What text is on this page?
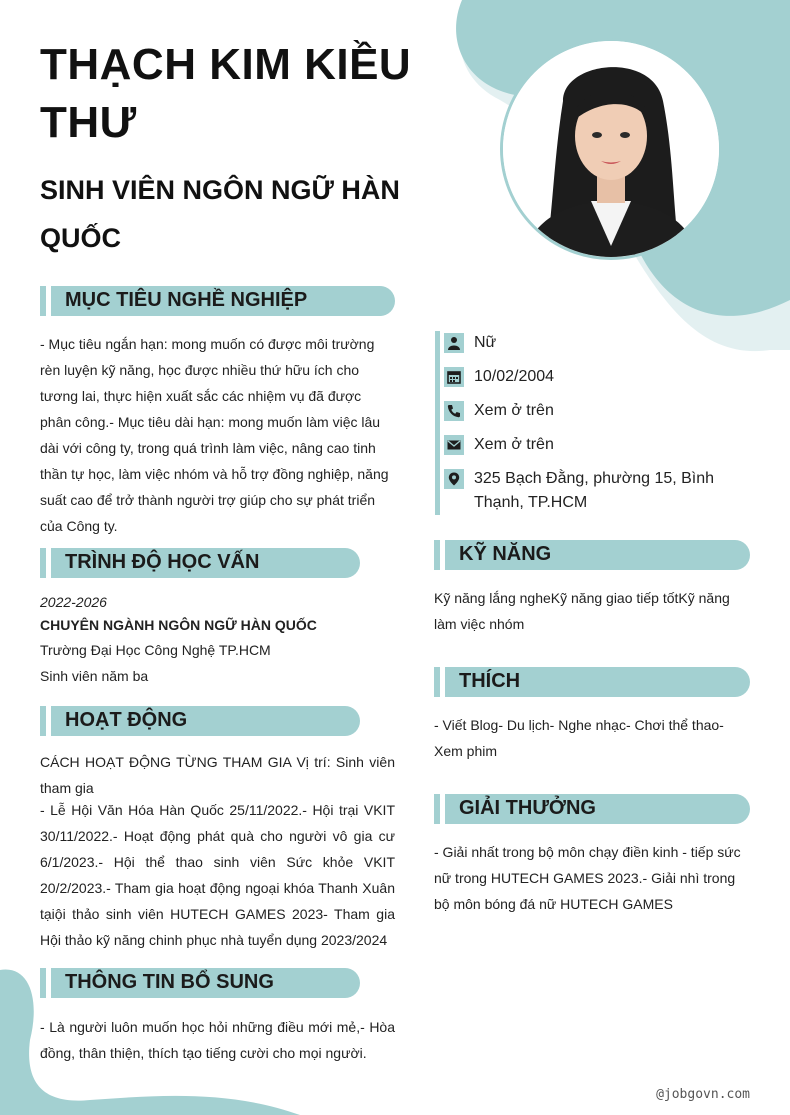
THẠCH KIM KIỀU THƯ
SINH VIÊN NGÔN NGỮ HÀN QUỐC
MỤC TIÊU NGHỀ NGHIỆP

- Mục tiêu ngắn hạn: mong muốn có được môi trường rèn luyện kỹ năng, học được nhiều thứ hữu ích cho tương lai, thực hiện xuất sắc các nhiệm vụ đã được phân công.- Mục tiêu dài hạn: mong muốn làm việc lâu dài với công ty, trong quá trình làm việc, nâng cao tinh thần tự học, làm việc nhóm và hỗ trợ đồng nghiệp, năng suất cao để trở thành người trợ giúp cho sự phát triển của Công ty.

TRÌNH ĐỘ HỌC VẤN
2022-2026
CHUYÊN NGÀNH NGÔN NGỮ HÀN QUỐC
Trường Đại Học Công Nghệ TP.HCM
Sinh viên năm ba
HOẠT ĐỘNG

CÁCH HOẠT ĐỘNG TỪNG THAM GIA Vị trí: Sinh viên tham gia

- Lễ Hội Văn Hóa Hàn Quốc 25/11/2022.- Hội trại VKIT 30/11/2022.- Hoạt động phát quà cho người vô gia cư 6/1/2023.- Hội thể thao sinh viên Sức khỏe VKIT 20/2/2023.- Tham gia hoạt động ngoại khóa Thanh Xuân tạiội thảo sinh viên HUTECH GAMES 2023- Tham gia Hội thảo kỹ năng chinh phục nhà tuyển dụng 2023/2024

THÔNG TIN BỔ SUNG

- Là người luôn muốn học hỏi những điều mới mẻ,- Hòa đồng, thân thiện, thích tạo tiếng cười cho mọi người.

Nữ
10/02/2004
Xem ở trên
Xem ở trên
325 Bạch Đằng, phường 15, Bình Thạnh, TP.HCM
KỸ NĂNG

Kỹ năng lắng ngheKỹ năng giao tiếp tốtKỹ năng làm việc nhóm

THÍCH

- Viết Blog- Du lịch- Nghe nhạc- Chơi thể thao- Xem phim

GIẢI THƯỞNG

- Giải nhất trong bộ môn chạy điền kinh - tiếp sức nữ trong HUTECH GAMES 2023.- Giải nhì trong bộ môn bóng đá nữ HUTECH GAMES

@jobgovn.com
